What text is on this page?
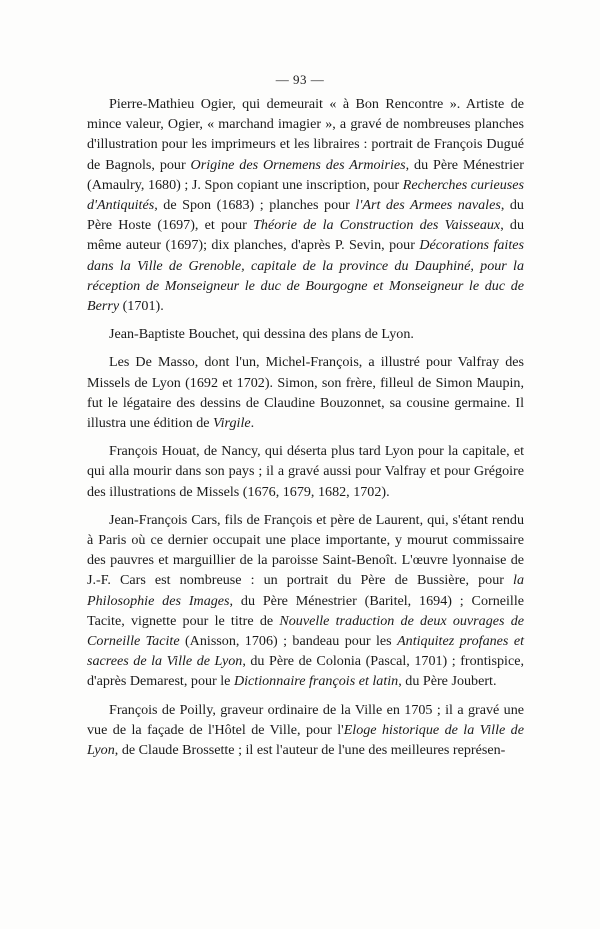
— 93 —

Pierre-Mathieu Ogier, qui demeurait « à Bon Rencontre ». Artiste de mince valeur, Ogier, « marchand imagier », a gravé de nombreuses planches d'illustration pour les imprimeurs et les libraires : portrait de François Dugué de Bagnols, pour Origine des Ornemens des Armoiries, du Père Ménestrier (Amaulry, 1680) ; J. Spon copiant une inscription, pour Recherches curieuses d'Antiquités, de Spon (1683) ; planches pour l'Art des Armees navales, du Père Hoste (1697), et pour Théorie de la Construction des Vaisseaux, du même auteur (1697); dix planches, d'après P. Sevin, pour Décorations faites dans la Ville de Grenoble, capitale de la province du Dauphiné, pour la réception de Monseigneur le duc de Bourgogne et Monseigneur le duc de Berry (1701).

Jean-Baptiste Bouchet, qui dessina des plans de Lyon.

Les De Masso, dont l'un, Michel-François, a illustré pour Valfray des Missels de Lyon (1692 et 1702). Simon, son frère, filleul de Simon Maupin, fut le légataire des dessins de Claudine Bouzonnet, sa cousine germaine. Il illustra une édition de Virgile.

François Houat, de Nancy, qui déserta plus tard Lyon pour la capitale, et qui alla mourir dans son pays ; il a gravé aussi pour Valfray et pour Grégoire des illustrations de Missels (1676, 1679, 1682, 1702).

Jean-François Cars, fils de François et père de Laurent, qui, s'étant rendu à Paris où ce dernier occupait une place importante, y mourut commissaire des pauvres et marguillier de la paroisse Saint-Benoît. L'œuvre lyonnaise de J.-F. Cars est nombreuse : un portrait du Père de Bussière, pour la Philosophie des Images, du Père Ménestrier (Baritel, 1694) ; Corneille Tacite, vignette pour le titre de Nouvelle traduction de deux ouvrages de Corneille Tacite (Anisson, 1706) ; bandeau pour les Antiquitez profanes et sacrees de la Ville de Lyon, du Père de Colonia (Pascal, 1701) ; frontispice, d'après Demarest, pour le Dictionnaire françois et latin, du Père Joubert.

François de Poilly, graveur ordinaire de la Ville en 1705 ; il a gravé une vue de la façade de l'Hôtel de Ville, pour l'Eloge historique de la Ville de Lyon, de Claude Brossette ; il est l'auteur de l'une des meilleures représen-
